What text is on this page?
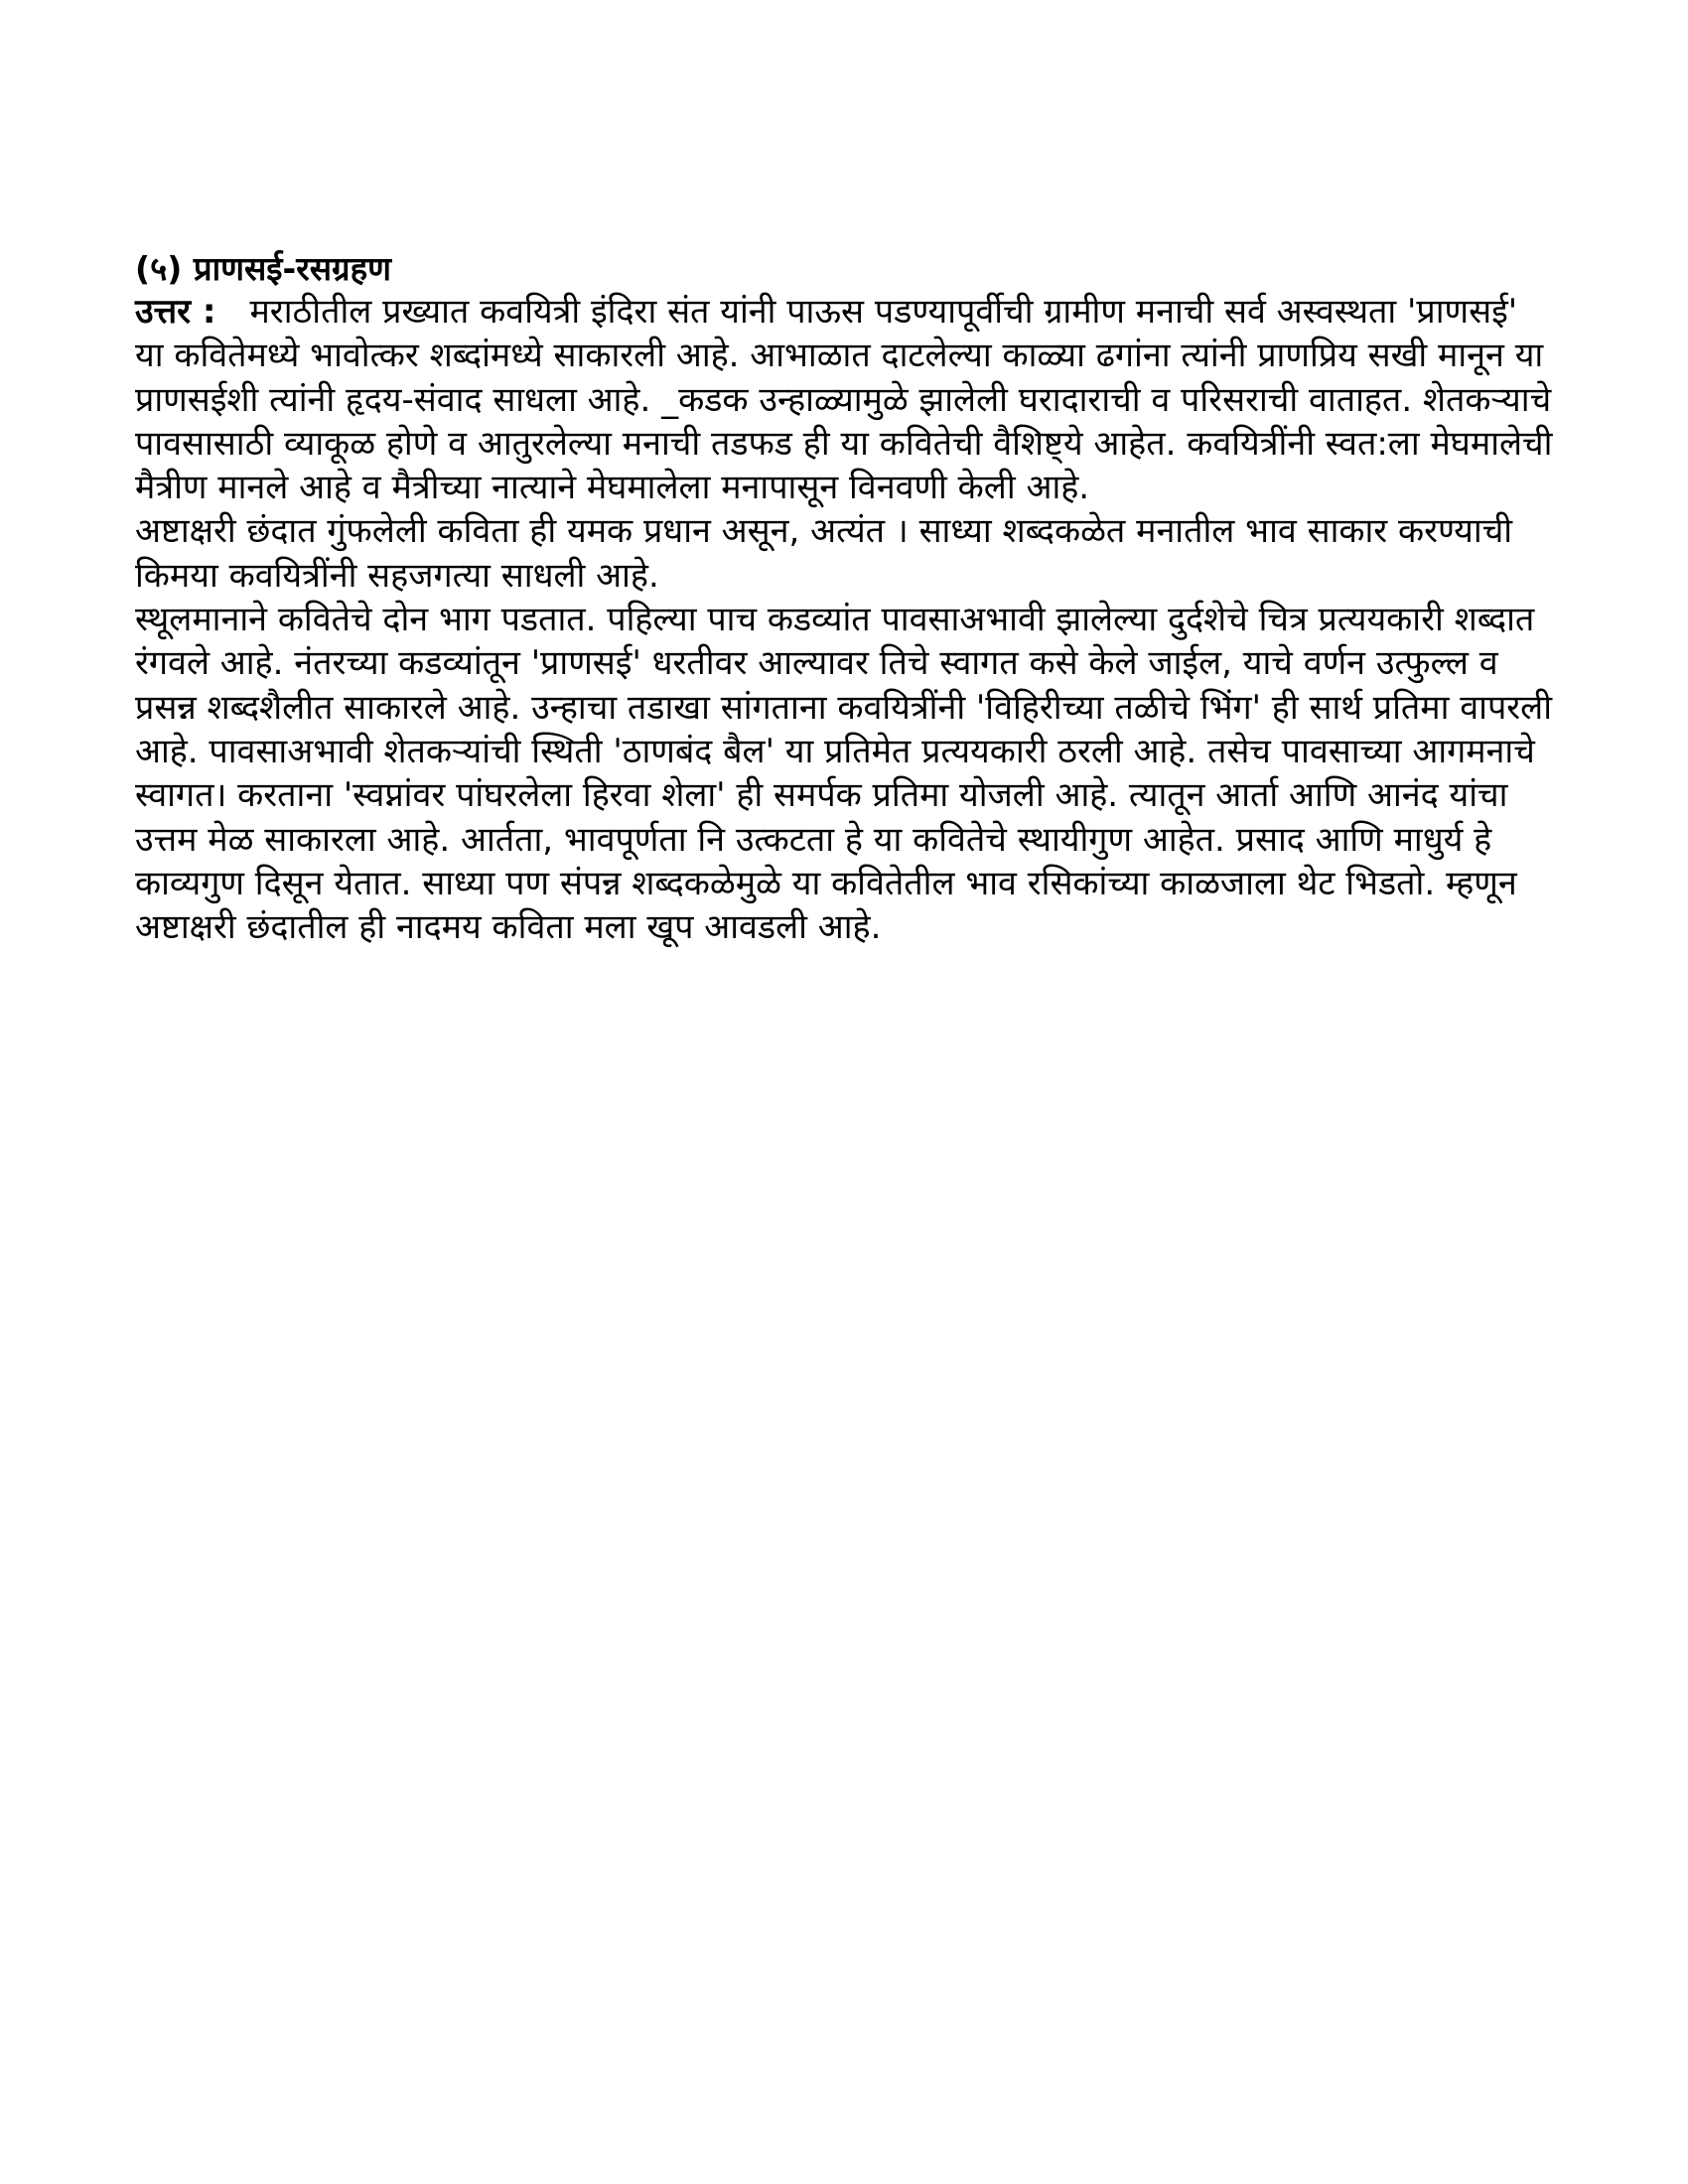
(५) प्राणसई-रसग्रहण

उत्तर : मराठीतील प्रख्यात कवयित्री इंदिरा संत यांनी पाऊस पडण्यापूर्वीची ग्रामीण मनाची सर्व अस्वस्थता 'प्राणसई' या कवितेमध्ये भावोत्कर शब्दांमध्ये साकारली आहे. आभाळात दाटलेल्या काळ्या ढगांना त्यांनी प्राणप्रिय सखी मानून या प्राणसईशी त्यांनी हृदय-संवाद साधला आहे. _कडक उन्हाळ्यामुळे झालेली घरादाराची व परिसराची वाताहत. शेतकऱ्याचे पावसासाठी व्याकूळ होणे व आतुरलेल्या मनाची तडफड ही या कवितेची वैशिष्ट्ये आहेत. कवयित्रींनी स्वत:ला मेघमालेची मैत्रीण मानले आहे व मैत्रीच्या नात्याने मेघमालेला मनापासून विनवणी केली आहे.

अष्टाक्षरी छंदात गुंफलेली कविता ही यमक प्रधान असून, अत्यंत । साध्या शब्दकळेत मनातील भाव साकार करण्याची किमया कवयित्रींनी सहजगत्या साधली आहे.

स्थूलमानाने कवितेचे दोन भाग पडतात. पहिल्या पाच कडव्यांत पावसाअभावी झालेल्या दुर्दशेचे चित्र प्रत्ययकारी शब्दात रंगवले आहे. नंतरच्या कडव्यांतून 'प्राणसई' धरतीवर आल्यावर तिचे स्वागत कसे केले जाईल, याचे वर्णन उत्फुल्ल व प्रसन्न शब्दशैलीत साकारले आहे. उन्हाचा तडाखा सांगताना कवयित्रींनी 'विहिरीच्या तळीचे भिंग' ही सार्थ प्रतिमा वापरली आहे. पावसाअभावी शेतकऱ्यांची स्थिती 'ठाणबंद बैल' या प्रतिमेत प्रत्ययकारी ठरली आहे. तसेच पावसाच्या आगमनाचे स्वागत। करताना 'स्वप्नांवर पांघरलेला हिरवा शेला' ही समर्पक प्रतिमा योजली आहे. त्यातून आर्ता आणि आनंद यांचा उत्तम मेळ साकारला आहे. आर्तता, भावपूर्णता नि उत्कटता हे या कवितेचे स्थायीगुण आहेत. प्रसाद आणि माधुर्य हे काव्यगुण दिसून येतात. साध्या पण संपन्न शब्दकळेमुळे या कवितेतील भाव रसिकांच्या काळजाला थेट भिडतो. म्हणून अष्टाक्षरी छंदातील ही नादमय कविता मला खूप आवडली आहे.
